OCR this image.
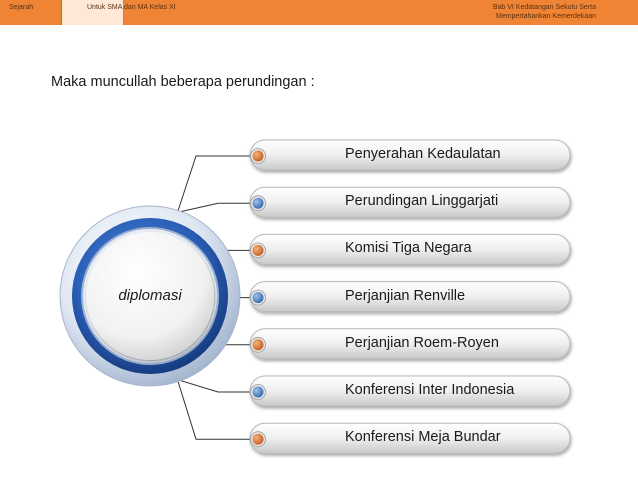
Sejarah	Untuk SMA dan MA Kelas XI	Bab VI Kedatangan Sekutu Serta Mempertahankan Kemerdekaan
Maka muncullah beberapa perundingan :
diplomasi
Penyerahan Kedaulatan
Perundingan Linggarjati
Komisi Tiga Negara
Perjanjian Renville
Perjanjian Roem-Royen
Konferensi Inter Indonesia
Konferensi Meja Bundar
